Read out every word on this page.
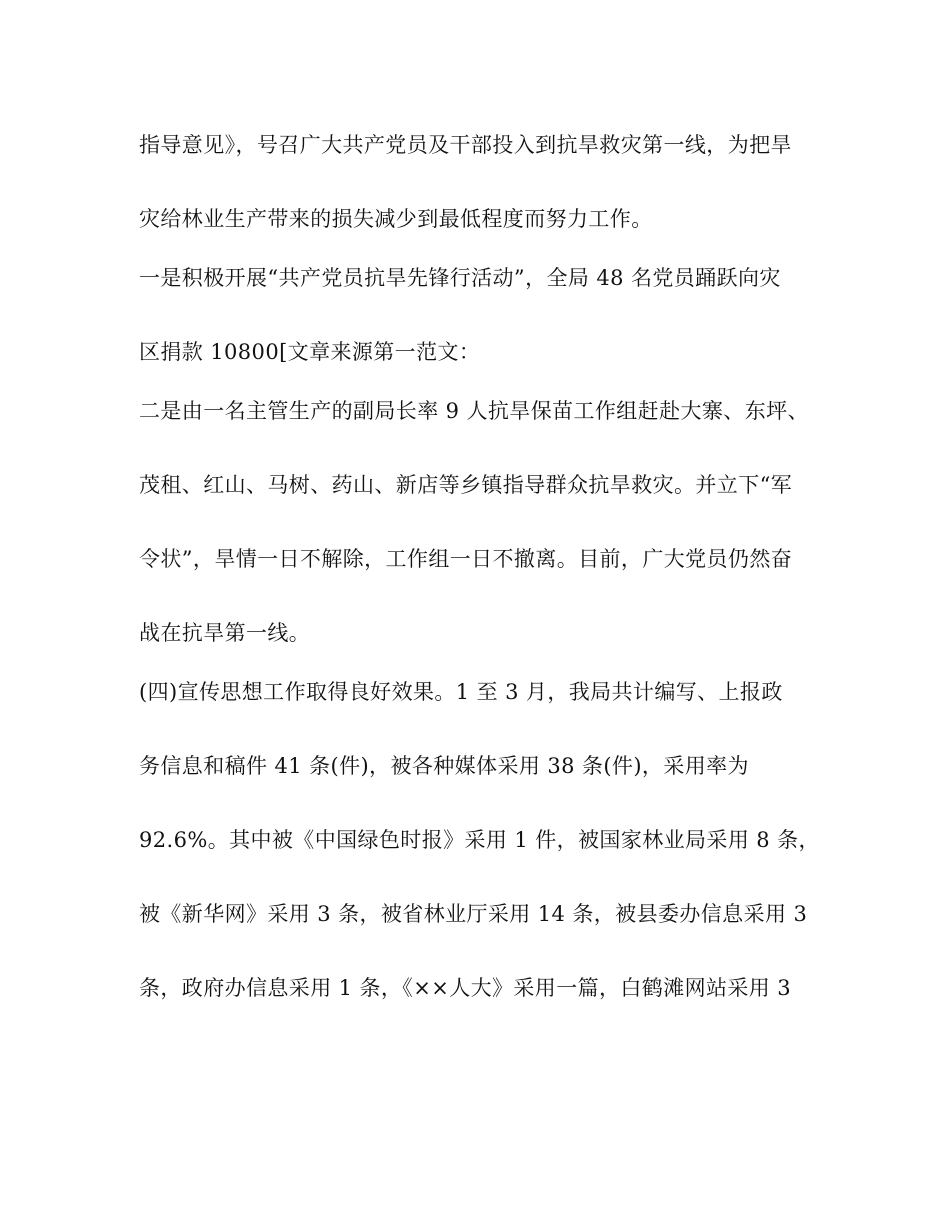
指导意见》，号召广大共产党员及干部投入到抗旱救灾第一线，为把旱
灾给林业生产带来的损失减少到最低程度而努力工作。
一是积极开展“共产党员抗旱先锋行活动”，全局 48 名党员踊跃向灾
区捐款 10800[文章来源第一范文：
二是由一名主管生产的副局长率 9 人抗旱保苗工作组赶赴大寨、东坪、
茂租、红山、马树、药山、新店等乡镇指导群众抗旱救灾。并立下“军
令状”，旱情一日不解除，工作组一日不撤离。目前，广大党员仍然奋
战在抗旱第一线。
(四)宣传思想工作取得良好效果。1 至 3 月，我局共计编写、上报政
务信息和稿件 41 条(件)，被各种媒体采用 38 条(件)，采用率为
92.6%。其中被《中国绿色时报》采用 1 件，被国家林业局采用 8 条，
被《新华网》采用 3 条，被省林业厅采用 14 条，被县委办信息采用 3
条，政府办信息采用 1 条，《××人大》采用一篇，白鹤滩网站采用 3
